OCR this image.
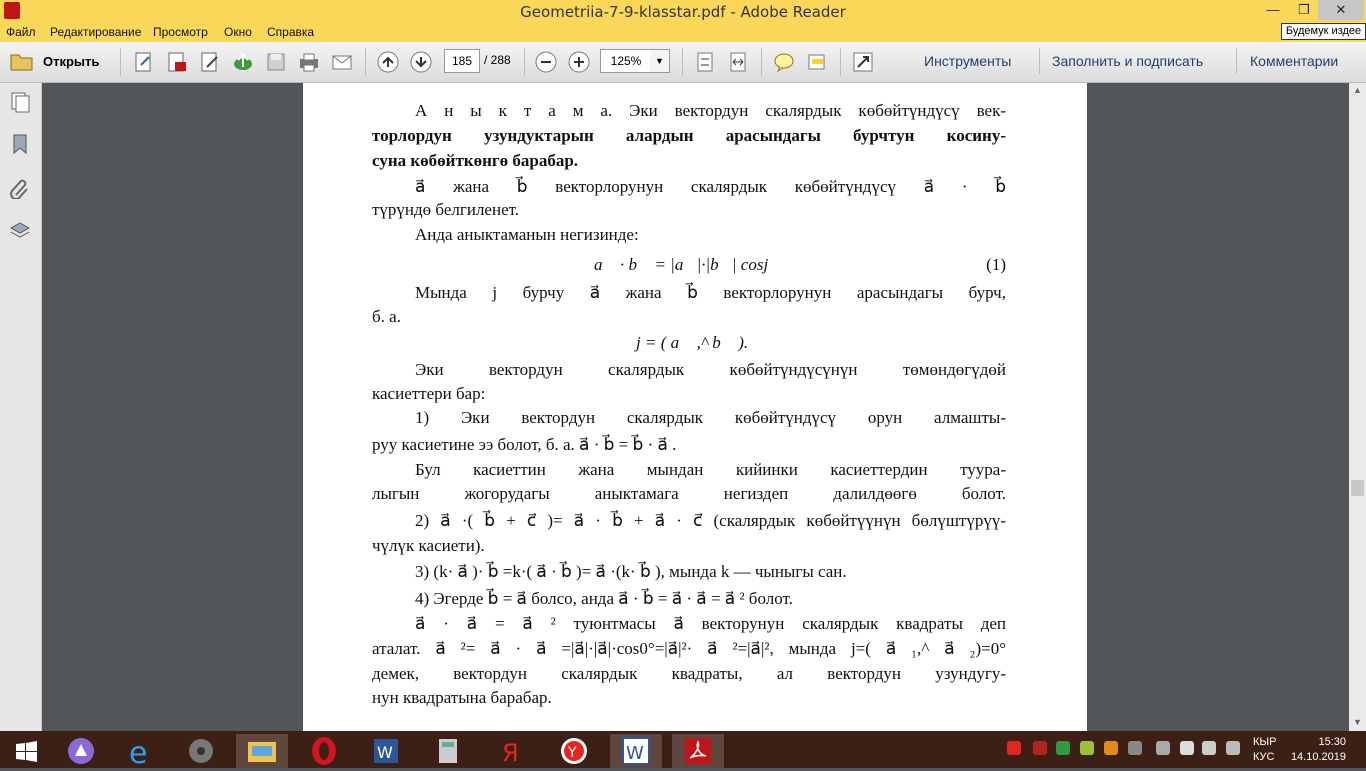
Geometriia-7-9-klasstar.pdf - Adobe Reader	—	❐	✕
Файл Редактирование Просмотр Окно Справка	Будемук издее
Открыть	185 / 288	125%	▼	Инструменты	Заполнить и подписать	Комментарии
А н ы к т а м а. Эки вектордун скалярдык көбөйтүндүсү век-
торлордун узундуктарын алардын арасындагы бурчтун косину-
суна көбөйткөнгө барабар.
a⃗ жана b⃗ векторлорунун скалярдык көбөйтүндүсү a⃗ · b⃗
түрүндө белгиленет.
Анда аныктаманын негизинде:
a⃗ · b⃗ = |a⃗|·|b⃗| cosj	(1)
Мында j бурчу a⃗ жана b⃗ векторлорунун арасындагы бурч,
б. а.
j = ( a⃗ ,^ b⃗ ).
Эки вектордун скалярдык көбөйтүндүсүнүн төмөндөгүдөй
касиеттери бар:
1) Эки вектордун скалярдык көбөйтүндүсү орун алмашты-
руу касиетине ээ болот, б. а. a⃗ · b⃗ = b⃗ · a⃗ .
Бул касиеттин жана мындан кийинки касиеттердин туура-
лыгын жогорудагы аныктамага негиздеп далилдөөгө болот.
2) a⃗ ·( b⃗ + c⃗ )= a⃗ · b⃗ + a⃗ · c⃗ (скалярдык көбөйтүүнүн бөлүштүрүү-
чүлүк касиети).
3) (k· a⃗ )· b⃗ =k·( a⃗ · b⃗ )= a⃗ ·(k· b⃗ ), мында k — чыныгы сан.
4) Эгерде b⃗ = a⃗ болсо, анда a⃗ · b⃗ = a⃗ · a⃗ = a⃗ ² болот.
a⃗ · a⃗ = a⃗ ² туюнтмасы a⃗ векторунун скалярдык квадраты деп
аталат. a⃗ ²= a⃗ · a⃗ =|a⃗|·|a⃗|·cos0°=|a⃗|²· a⃗ ²=|a⃗|², мында j=( a⃗ ₁,^ a⃗ ₂)=0°
демек, вектордун скалярдык квадраты, ал вектордун узундугу-
нун квадратына барабар.
▲
▼
e	W	Я	Y	W
КЫР
КУС
15:30
14.10.2019
